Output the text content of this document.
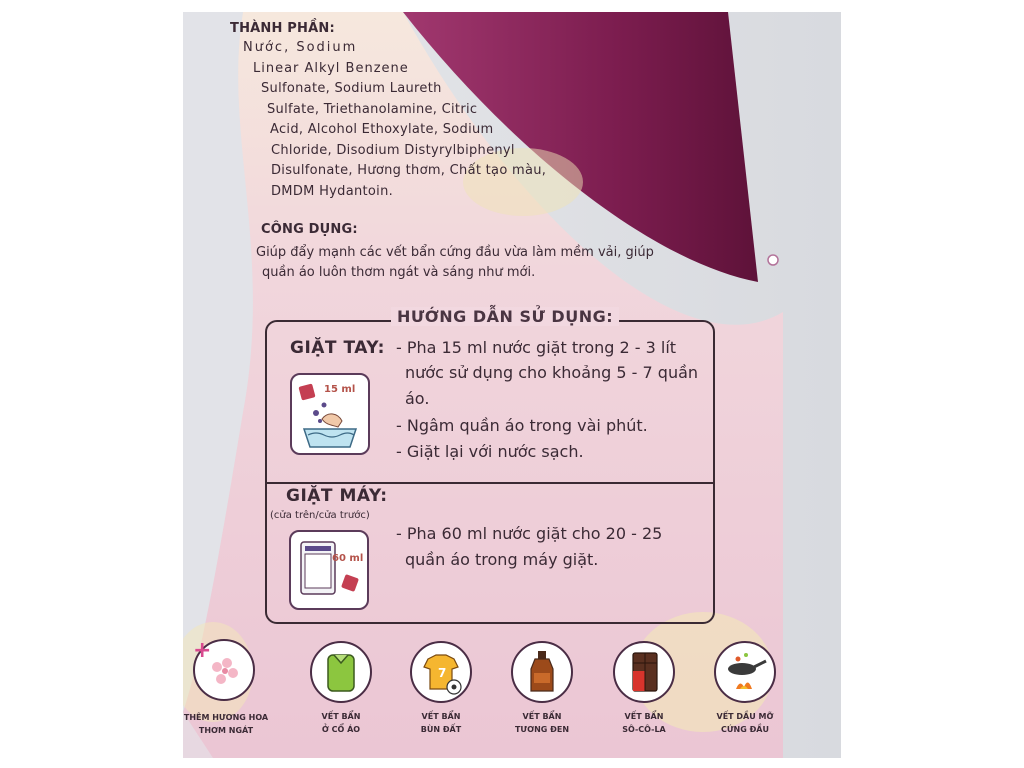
THÀNH PHẦN:
Nước, Sodium
Linear Alkyl Benzene
Sulfonate, Sodium Laureth
Sulfate, Triethanolamine, Citric
Acid, Alcohol Ethoxylate, Sodium
Chloride, Disodium Distyrylbiphenyl
Disulfonate, Hương thơm, Chất tạo màu,
DMDM Hydantoin.
CÔNG DỤNG:
Giúp đẩy mạnh các vết bẩn cứng đầu vừa làm mềm vải, giúp
quần áo luôn thơm ngát và sáng như mới.
HƯỚNG DẪN SỬ DỤNG:
GIẶT TAY:
15 ml
- Pha 15 ml nước giặt trong 2 - 3 lít
nước sử dụng cho khoảng 5 - 7 quần
áo.
- Ngâm quần áo trong vài phút.
- Giặt lại với nước sạch.
GIẶT MÁY:
(cửa trên/cửa trước)
60 ml
- Pha 60 ml nước giặt cho 20 - 25
quần áo trong máy giặt.
+
THÊM HƯƠNG HOA
THƠM NGÁT
VẾT BẨN
Ở CỔ ÁO
7
VẾT BẨN
BÙN ĐẤT
VẾT BẨN
TƯƠNG ĐEN
VẾT BẨN
SÔ-CÔ-LA
VẾT DẦU MỠ
CỨNG ĐẦU
